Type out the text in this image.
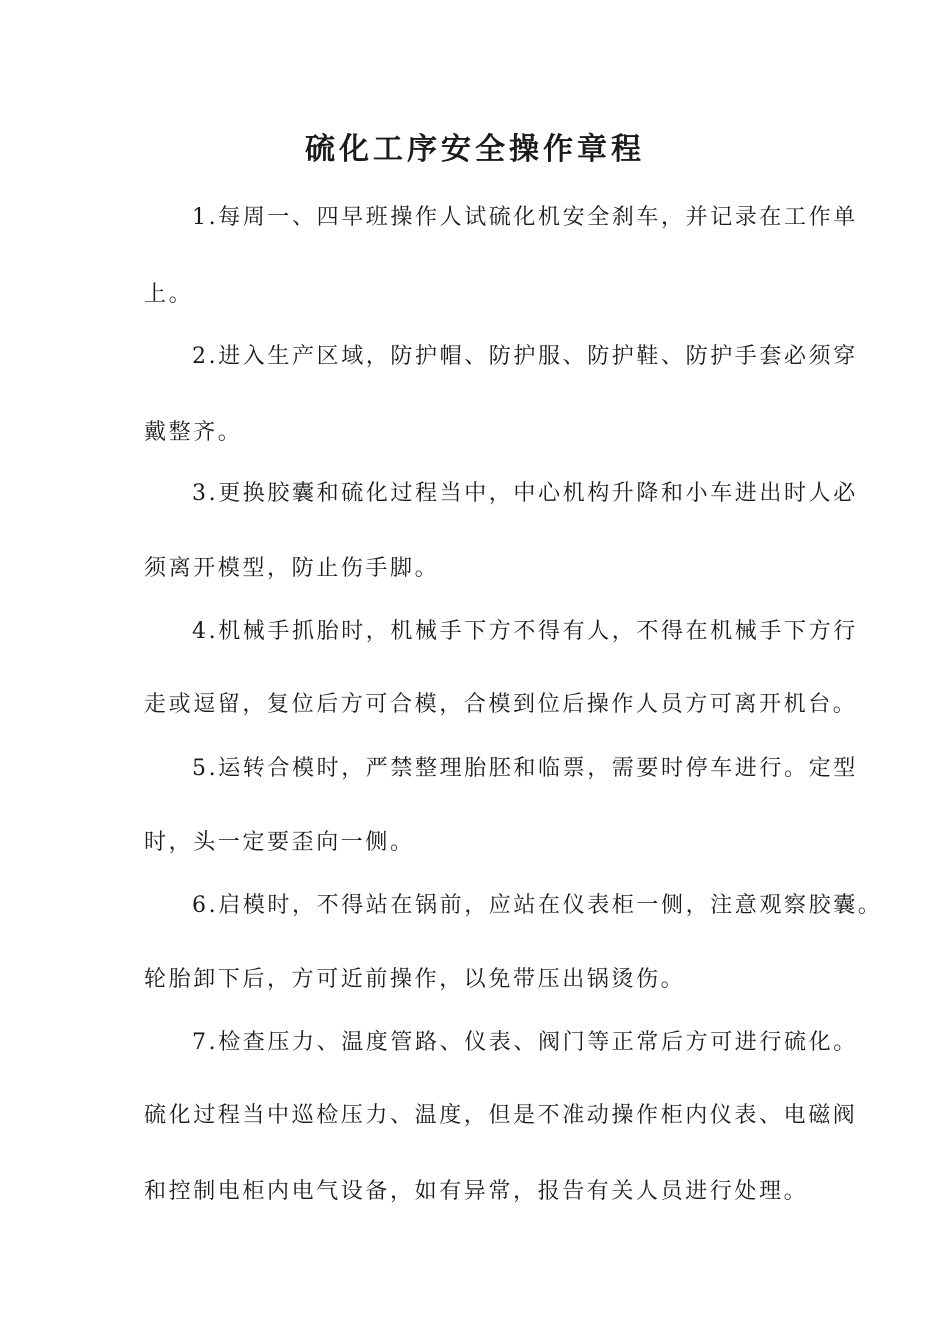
硫化工序安全操作章程
1.每周一、四早班操作人试硫化机安全刹车，并记录在工作单
上。
2.进入生产区域，防护帽、防护服、防护鞋、防护手套必须穿
戴整齐。
3.更换胶囊和硫化过程当中，中心机构升降和小车进出时人必
须离开模型，防止伤手脚。
4.机械手抓胎时，机械手下方不得有人，不得在机械手下方行
走或逗留，复位后方可合模，合模到位后操作人员方可离开机台。
5.运转合模时，严禁整理胎胚和临票，需要时停车进行。定型
时，头一定要歪向一侧。
6.启模时，不得站在锅前，应站在仪表柜一侧，注意观察胶囊。
轮胎卸下后，方可近前操作，以免带压出锅烫伤。
7.检查压力、温度管路、仪表、阀门等正常后方可进行硫化。
硫化过程当中巡检压力、温度，但是不准动操作柜内仪表、电磁阀
和控制电柜内电气设备，如有异常，报告有关人员进行处理。
